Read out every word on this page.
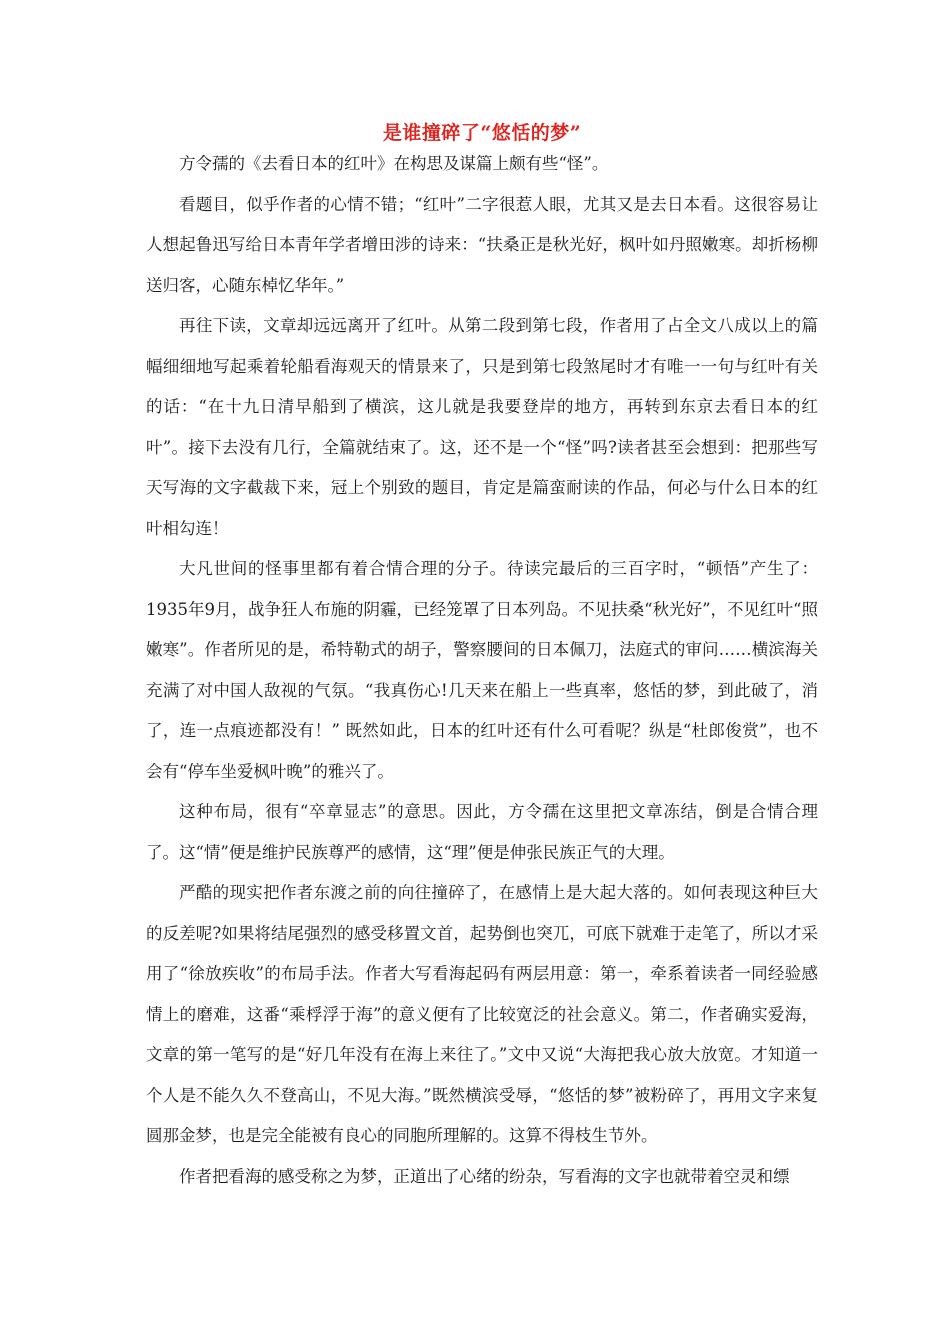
是谁撞碎了“悠恬的梦”

方令孺的《去看日本的红叶》在构思及谋篇上颇有些“怪”。

看题目，似乎作者的心情不错；“红叶”二字很惹人眼，尤其又是去日本看。这很容易让人想起鲁迅写给日本青年学者增田涉的诗来：“扶桑正是秋光好，枫叶如丹照嫩寒。却折杨柳送归客，心随东棹忆华年。”

再往下读，文章却远远离开了红叶。从第二段到第七段，作者用了占全文八成以上的篇幅细细地写起乘着轮船看海观天的情景来了，只是到第七段煞尾时才有唯一一句与红叶有关的话：“在十九日清早船到了横滨，这儿就是我要登岸的地方，再转到东京去看日本的红叶”。接下去没有几行，全篇就结束了。这，还不是一个“怪”吗?读者甚至会想到：把那些写天写海的文字截裁下来，冠上个别致的题目，肯定是篇蛮耐读的作品，何必与什么日本的红叶相勾连！

大凡世间的怪事里都有着合情合理的分子。待读完最后的三百字时，“顿悟”产生了：1935年9月，战争狂人布施的阴霾，已经笼罩了日本列岛。不见扶桑“秋光好”，不见红叶“照嫩寒”。作者所见的是，希特勒式的胡子，警察腰间的日本佩刀，法庭式的审问……横滨海关充满了对中国人敌视的气氛。“我真伤心!几天来在船上一些真率，悠恬的梦，到此破了，消了，连一点痕迹都没有！” 既然如此，日本的红叶还有什么可看呢？纵是“杜郎俊赏”，也不会有“停车坐爱枫叶晚”的雅兴了。

这种布局，很有“卒章显志”的意思。因此，方令孺在这里把文章冻结，倒是合情合理了。这“情”便是维护民族尊严的感情，这“理”便是伸张民族正气的大理。

严酷的现实把作者东渡之前的向往撞碎了，在感情上是大起大落的。如何表现这种巨大的反差呢?如果将结尾强烈的感受移置文首，起势倒也突兀，可底下就难于走笔了，所以才采用了“徐放疾收”的布局手法。作者大写看海起码有两层用意：第一，牵系着读者一同经验感情上的磨难，这番“乘桴浮于海”的意义便有了比较宽泛的社会意义。第二，作者确实爱海，文章的第一笔写的是“好几年没有在海上来往了。”文中又说“大海把我心放大放宽。才知道一个人是不能久久不登高山，不见大海。”既然横滨受辱，“悠恬的梦”被粉碎了，再用文字来复圆那金梦，也是完全能被有良心的同胞所理解的。这算不得枝生节外。

作者把看海的感受称之为梦，正道出了心绪的纷杂，写看海的文字也就带着空灵和缥
